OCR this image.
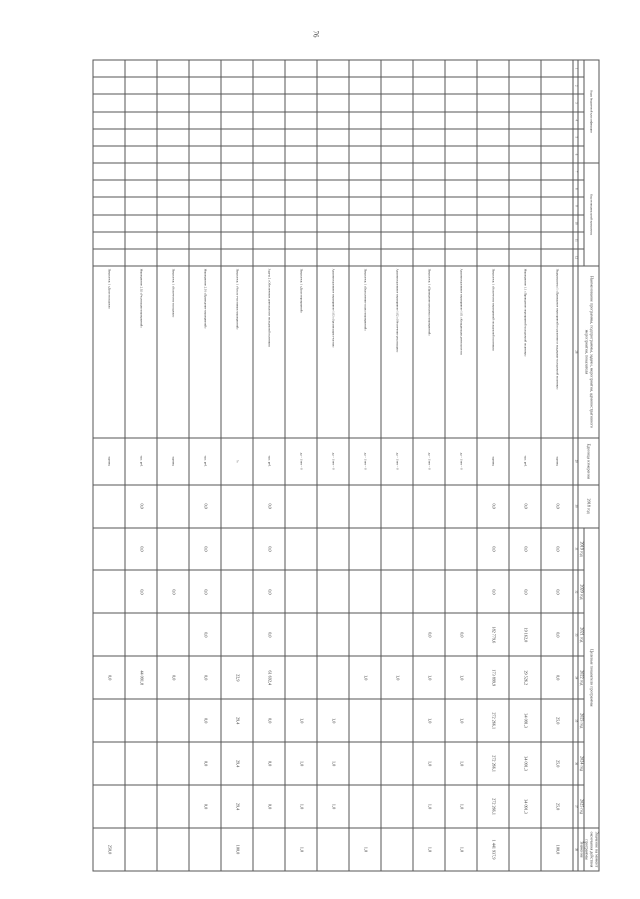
76
Коды бюджетной классификации						Код муниципальной программы						Наименование программы, подпрограммы, задачи, мероприятия, административного мероприятия, показателя	Единица измерения	2018 год	Целевые показатели программы							Значение на момент окончания действия программы
															2019 год	2020 год	2021 год	2022 год	2023 год	2024 год	2025 год	Значение
1	2	3	4	5	6	7	8	9	10	11	12	28	29	30	31	32	33	34	35	36	37	38
												Подпрограмма 1 «Проведение мероприятий по развитию и поддержке молодежной политики»	единиц	0,0	0,0	0,0	0,0	0,0	25,0	25,0	25,0	100,0
												Мероприятие 1.1 «Проведение мероприятий молодежной политики»	тыс. руб.	0,0	0,0	0,0	19 162,0	29 526,2	34 091,3	34 091,3	34 091,3	
												Показатель 1 «Количество мероприятий молодежной политики»	единиц	0,0	0,0	0,0	182 779,6	173 899,9	272 266,1	272 266,1	272 266,1	1 441 937,9
												Административное мероприятие 1.01 «Координация деятельности»	да – 1/нет – 0				0,0	1,0	1,0	1,0	1,0	1,0
												Показатель 1 «Проведение комплекса мероприятий»	да – 1/нет – 0				0,0	1,0	1,0	1,0	1,0	1,0
												Административное мероприятие 1.02 «Обеспечение реализации»	да – 1/нет – 0					1,0				
												Показатель 1 «Выполнение плана мероприятий»	да – 1/нет – 0					1,0				1,0
												Административное мероприятие 1.03 «Организация участия»	да – 1/нет – 0						1,0	1,0	1,0	
												Показатель 1 «Доля мероприятий»	да – 1/нет – 0						1,0	1,0	1,0	1,0
												Задача 2 «Обеспечение деятельности молодежной политики»	тыс. руб.	0,0	0,0	0,0	0,0	61 692,4	0,0	0,0	0,0	
												Показатель 1 «Число участников мероприятий»	%					22,9	29,4	29,4	29,4	100,0
												Мероприятие 2.01 «Проведение мероприятий»	тыс. руб.	0,0	0,0	0,0	0,0	0,0	0,0	0,0	0,0	
												Показатель 1 «Количество молодежи»	единиц			0,0		0,0				
												Мероприятие 2.02 «Реализация мероприятий»	тыс. руб.	0,0	0,0	0,0		44 091,8				
												Показатель 1 «Доля молодежи»	единиц					0,0				250,0
